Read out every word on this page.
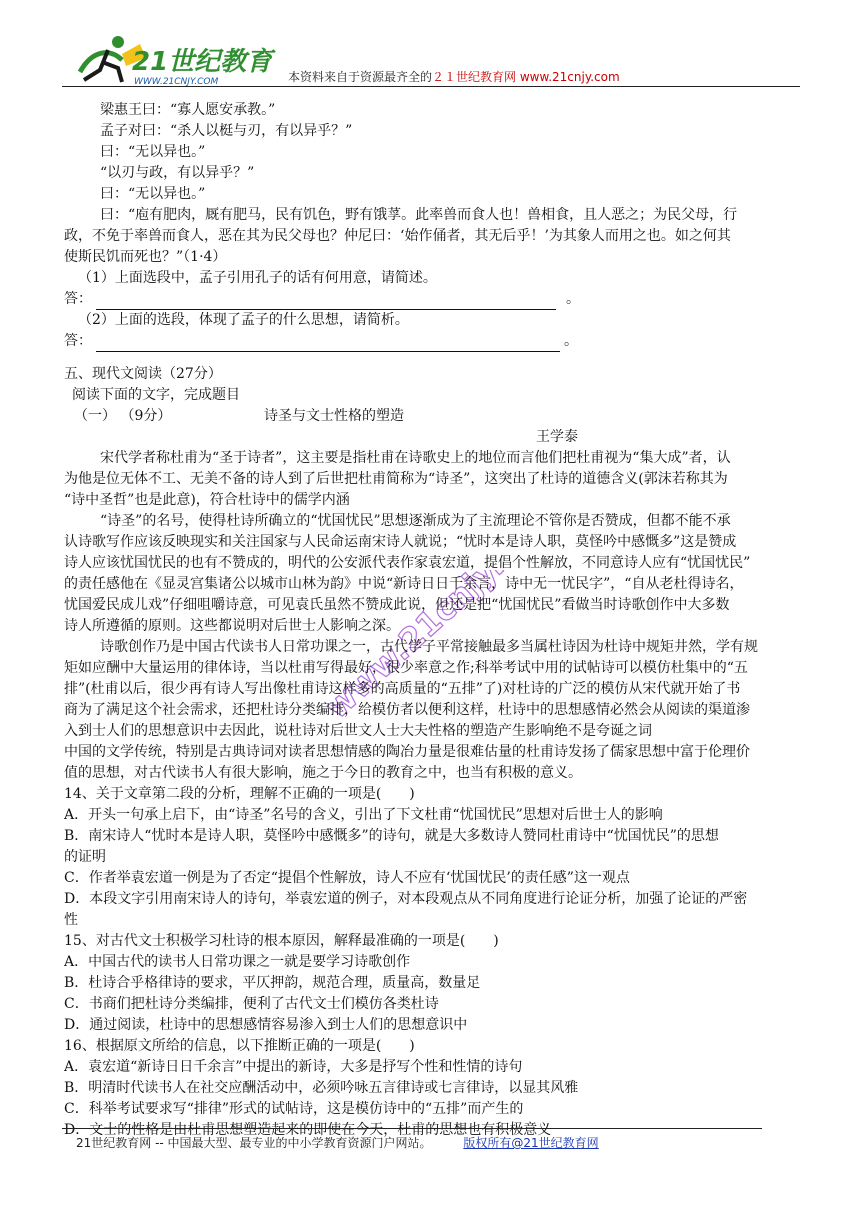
21世纪教育
WWW.21CNJY.COM	本资料来自于资源最齐全的２１世纪教育网 www.21cnjy.com
www.21cnjy.com
梁惠王曰：“寡人愿安承教。”
孟子对曰：“杀人以梃与刃，有以异乎？”
曰：“无以异也。”
“以刃与政，有以异乎？”
曰：“无以异也。”
曰：“庖有肥肉，厩有肥马，民有饥色，野有饿莩。此率兽而食人也！兽相食，且人恶之；为民父母，行
政，不免于率兽而食人，恶在其为民父母也？仲尼曰：‘始作俑者，其无后乎！’为其象人而用之也。如之何其
使斯民饥而死也？”（1·4）
（1）上面选段中，孟子引用孔子的话有何用意，请简述。
答：	。
（2）上面的选段，体现了孟子的什么思想，请简析。
答：	。
五、现代文阅读（27分）
阅读下面的文字，完成题目
（一） （9分）	诗圣与文士性格的塑造
王学泰
宋代学者称杜甫为“圣于诗者”，这主要是指杜甫在诗歌史上的地位而言他们把杜甫视为“集大成”者，认
为他是位无体不工、无美不备的诗人到了后世把杜甫简称为“诗圣”，这突出了杜诗的道德含义(郭沫若称其为
“诗中圣哲”也是此意)，符合杜诗中的儒学内涵
“诗圣”的名号，使得杜诗所确立的“忧国忧民”思想逐渐成为了主流理论不管你是否赞成，但都不能不承
认诗歌写作应该反映现实和关注国家与人民命运南宋诗人就说；“忧时本是诗人职，莫怪吟中感慨多”这是赞成
诗人应该忧国忧民的也有不赞成的，明代的公安派代表作家袁宏道，提倡个性解放，不同意诗人应有“忧国忧民”
的责任感他在《显灵宫集诸公以城市山林为韵》中说“新诗日日千余言，诗中无一忧民字”，“自从老杜得诗名，
忧国爱民成儿戏”仔细咀嚼诗意，可见袁氏虽然不赞成此说，但还是把“忧国忧民”看做当时诗歌创作中大多数
诗人所遵循的原则。这些都说明对后世士人影响之深。
诗歌创作乃是中国古代读书人日常功课之一，古代学子平常接触最多当属杜诗因为杜诗中规矩井然，学有规
矩如应酬中大量运用的律体诗，当以杜甫写得最好，很少率意之作;科举考试中用的试帖诗可以模仿杜集中的“五
排”(杜甫以后，很少再有诗人写出像杜甫诗这样多的高质量的“五排”了)对杜诗的广泛的模仿从宋代就开始了书
商为了满足这个社会需求，还把杜诗分类编排，给模仿者以便利这样，杜诗中的思想感情必然会从阅读的渠道渗
入到士人们的思想意识中去因此，说杜诗对后世文人士大夫性格的塑造产生影响绝不是夸诞之词
中国的文学传统，特别是古典诗词对读者思想情感的陶冶力量是很难估量的杜甫诗发扬了儒家思想中富于伦理价
值的思想，对古代读书人有很大影响，施之于今日的教育之中，也当有积极的意义。
14、关于文章第二段的分析，理解不正确的一项是(　　)
A．开头一句承上启下，由“诗圣”名号的含义，引出了下文杜甫“忧国忧民”思想对后世士人的影响
B．南宋诗人“忧时本是诗人职，莫怪吟中感慨多”的诗句，就是大多数诗人赞同杜甫诗中“忧国忧民”的思想
的证明
C．作者举袁宏道一例是为了否定“提倡个性解放，诗人不应有‘忧国忧民’的责任感”这一观点
D．本段文字引用南宋诗人的诗句，举袁宏道的例子，对本段观点从不同角度进行论证分析，加强了论证的严密
性
15、对古代文士积极学习杜诗的根本原因，解释最准确的一项是(　　)
A．中国古代的读书人日常功课之一就是要学习诗歌创作
B．杜诗合乎格律诗的要求，平仄押韵，规范合理，质量高，数量足
C．书商们把杜诗分类编排，便利了古代文士们模仿各类杜诗
D．通过阅读，杜诗中的思想感情容易渗入到士人们的思想意识中
16、根据原文所给的信息，以下推断正确的一项是(　　)
A．袁宏道“新诗日日千余言”中提出的新诗，大多是抒写个性和性情的诗句
B．明清时代读书人在社交应酬活动中，必须吟咏五言律诗或七言律诗，以显其风雅
C．科举考试要求写“排律”形式的试帖诗，这是模仿诗中的“五排”而产生的
D．文士的性格是由杜甫思想塑造起来的即使在今天，杜甫的思想也有积极意义
21世纪教育网 -- 中国最大型、最专业的中小学教育资源门户网站。	版权所有@21世纪教育网
